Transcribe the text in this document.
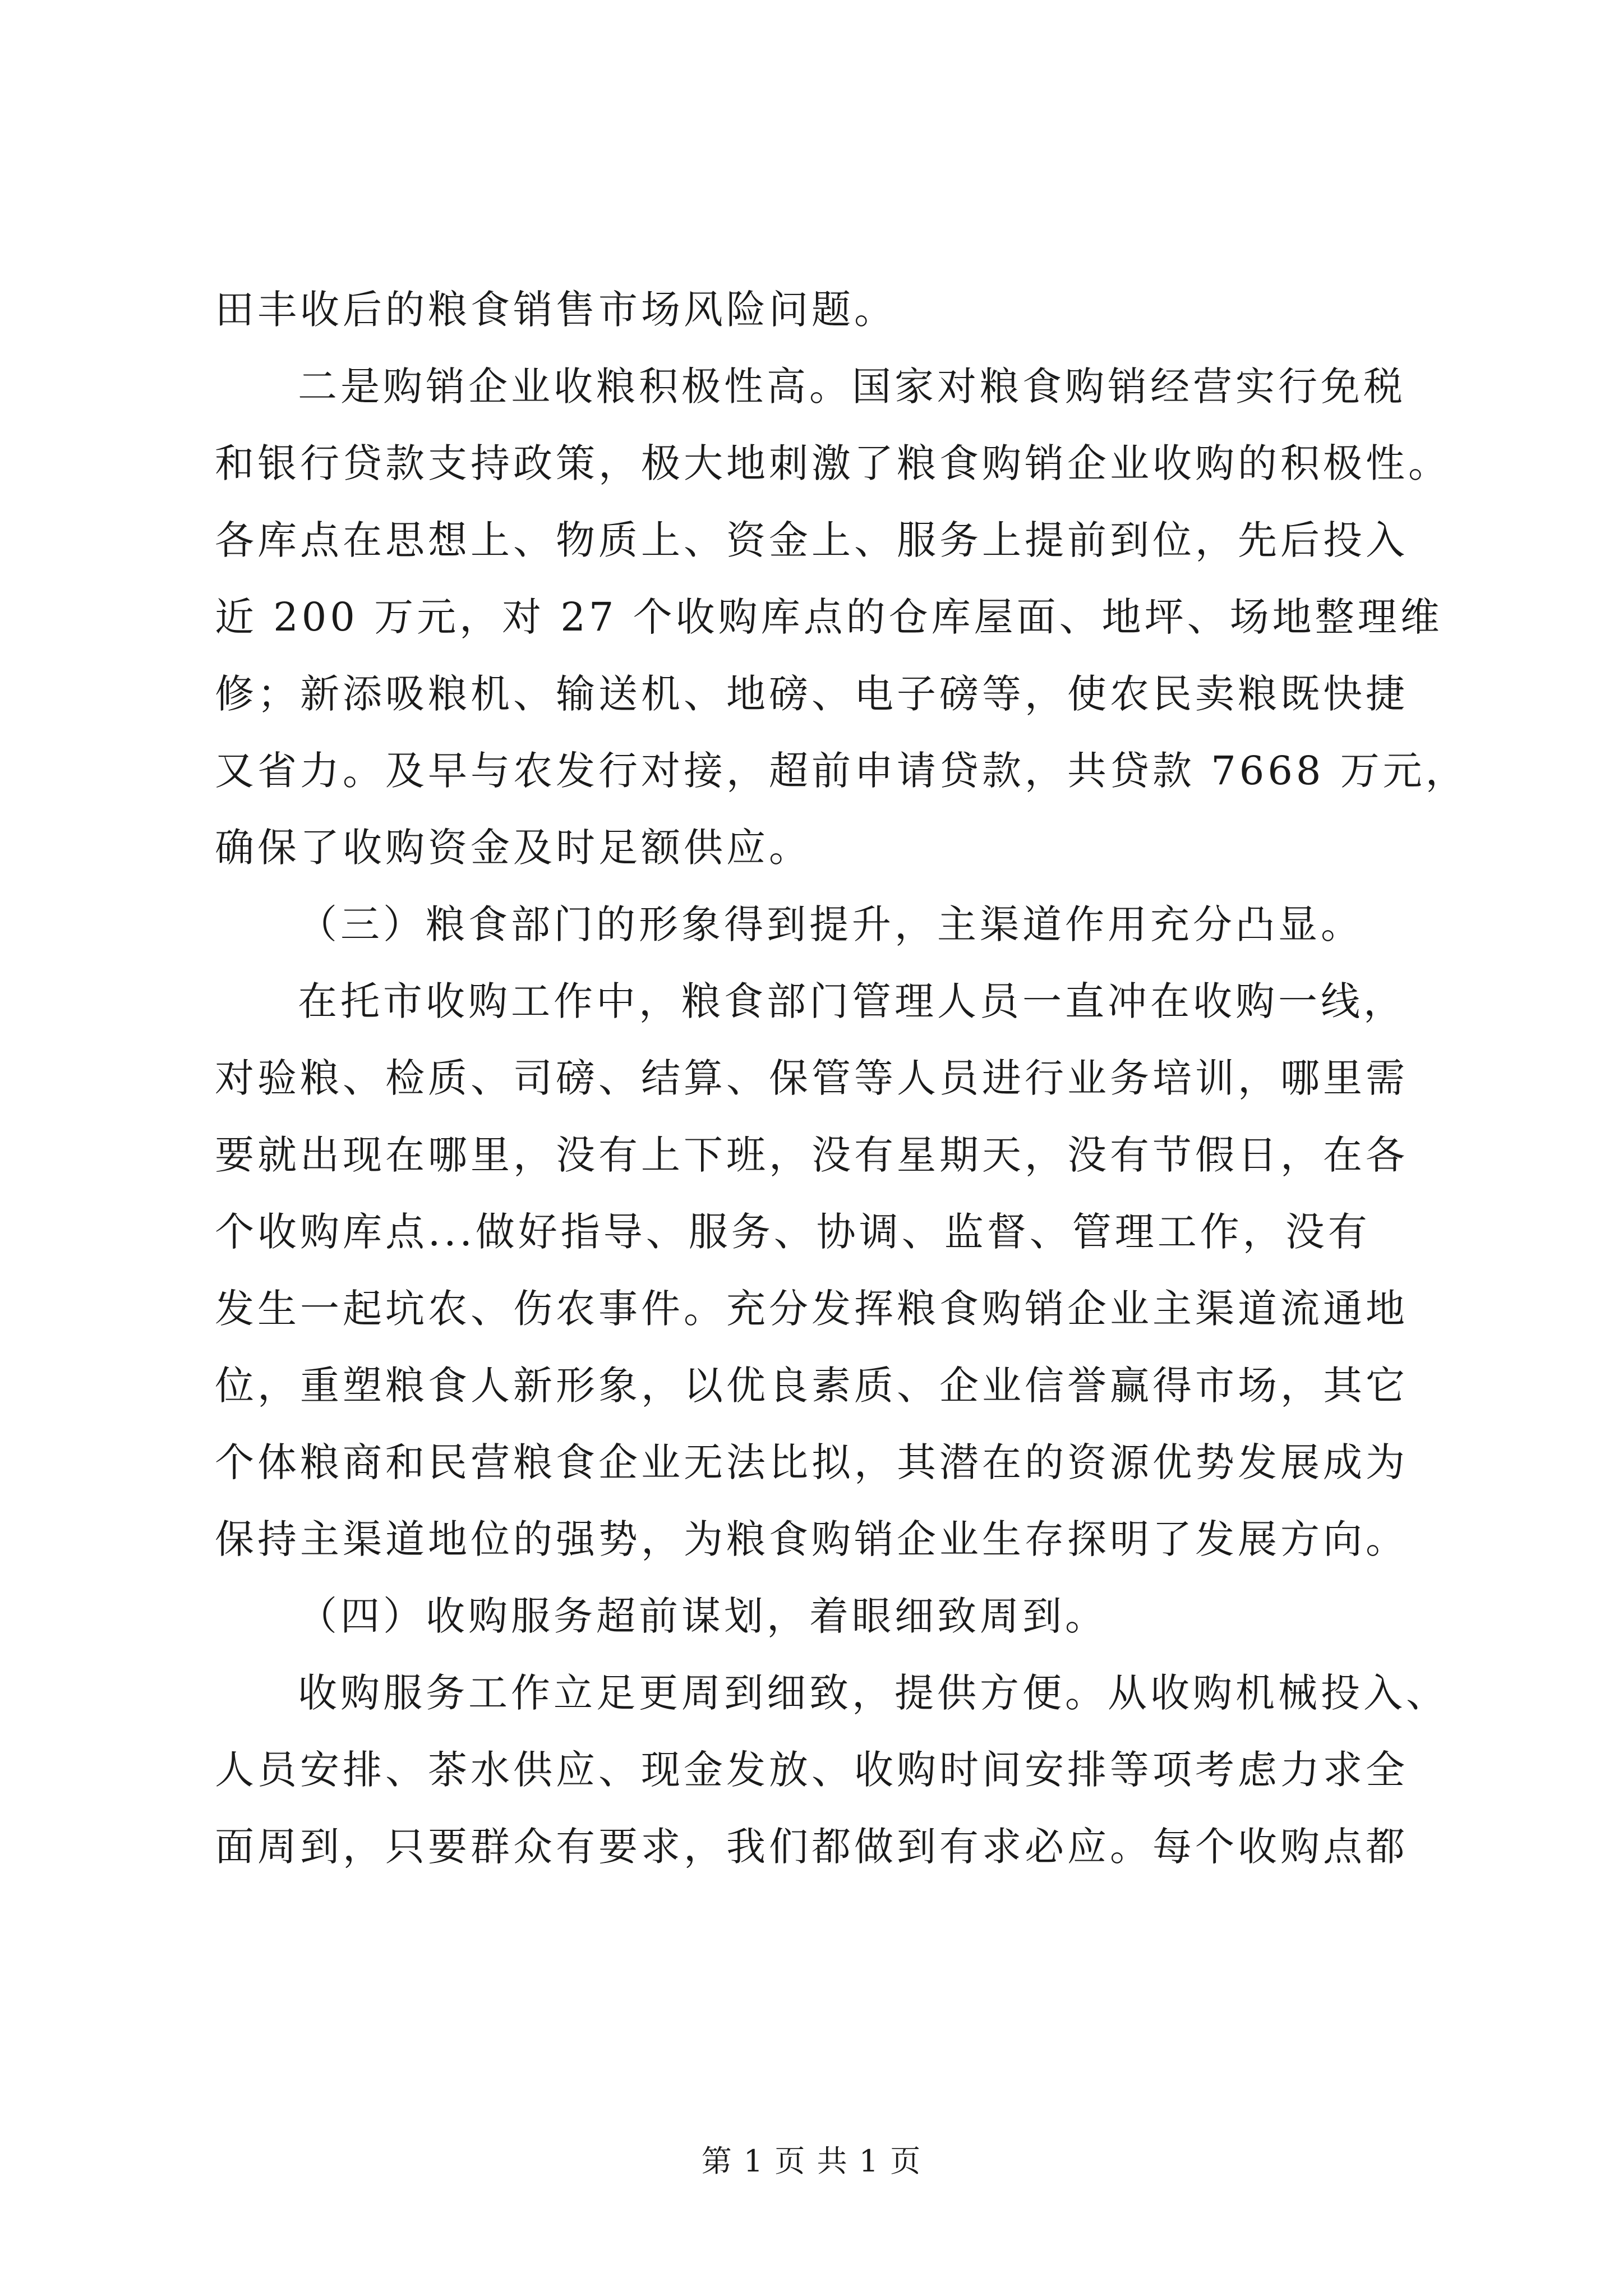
田丰收后的粮食销售市场风险问题。
二是购销企业收粮积极性高。国家对粮食购销经营实行免税
和银行贷款支持政策，极大地刺激了粮食购销企业收购的积极性。
各库点在思想上、物质上、资金上、服务上提前到位，先后投入
近 200 万元，对 27 个收购库点的仓库屋面、地坪、场地整理维
修；新添吸粮机、输送机、地磅、电子磅等，使农民卖粮既快捷
又省力。及早与农发行对接，超前申请贷款，共贷款 7668 万元，
确保了收购资金及时足额供应。
（三）粮食部门的形象得到提升，主渠道作用充分凸显。
在托市收购工作中，粮食部门管理人员一直冲在收购一线，
对验粮、检质、司磅、结算、保管等人员进行业务培训，哪里需
要就出现在哪里，没有上下班，没有星期天，没有节假日，在各
个收购库点...做好指导、服务、协调、监督、管理工作，没有
发生一起坑农、伤农事件。充分发挥粮食购销企业主渠道流通地
位，重塑粮食人新形象，以优良素质、企业信誉赢得市场，其它
个体粮商和民营粮食企业无法比拟，其潜在的资源优势发展成为
保持主渠道地位的强势，为粮食购销企业生存探明了发展方向。
（四）收购服务超前谋划，着眼细致周到。
收购服务工作立足更周到细致，提供方便。从收购机械投入、
人员安排、茶水供应、现金发放、收购时间安排等项考虑力求全
面周到，只要群众有要求，我们都做到有求必应。每个收购点都
第 1 页 共 1 页
